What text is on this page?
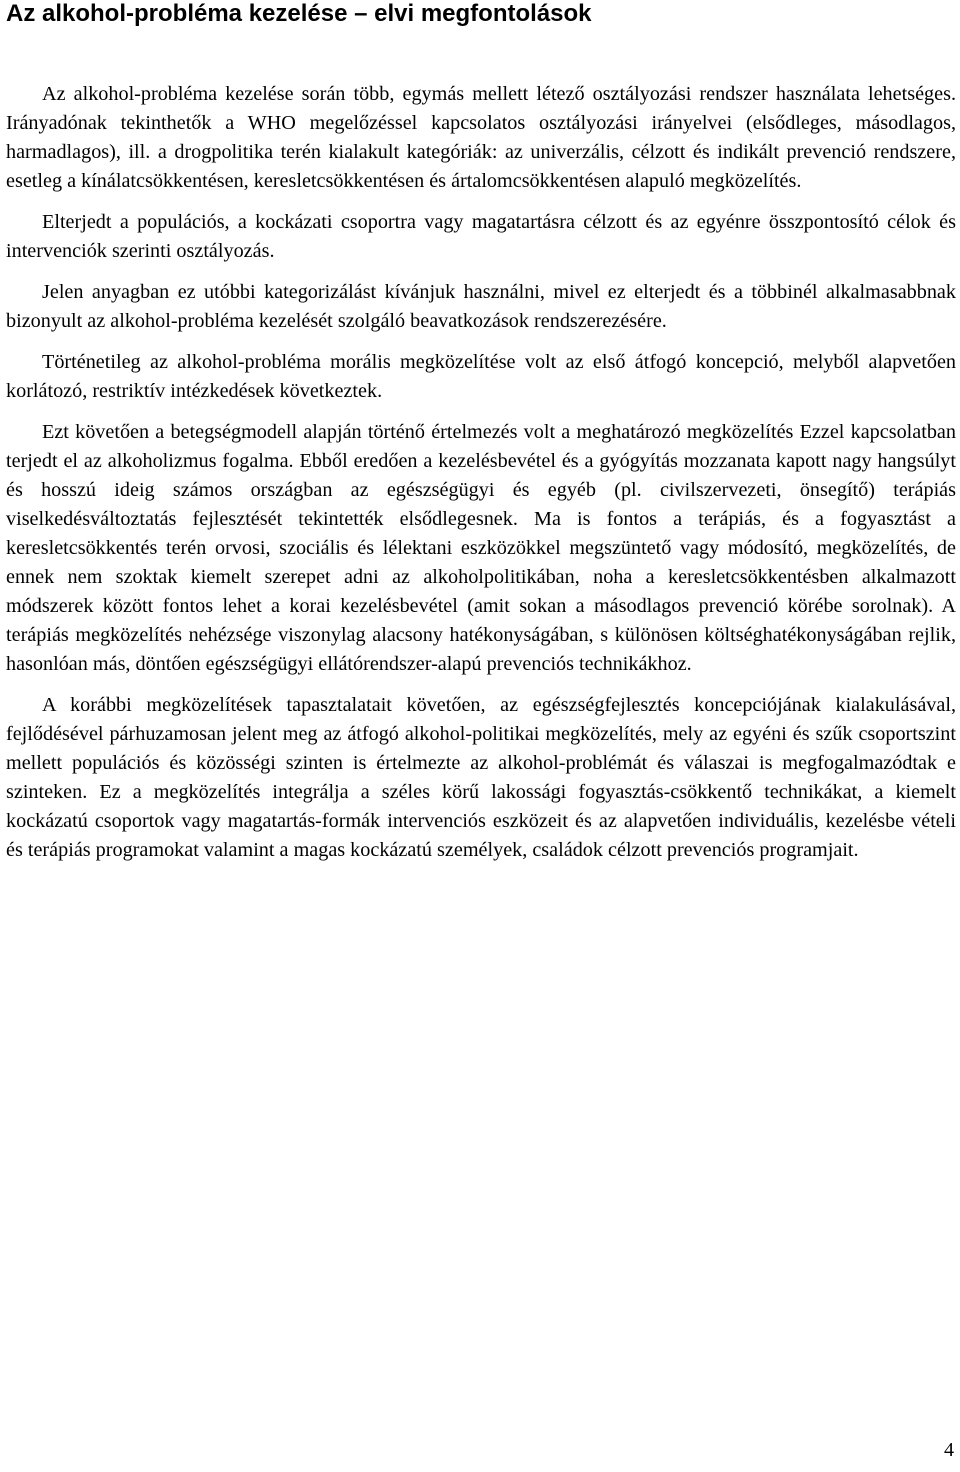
Az alkohol-probléma kezelése – elvi megfontolások

Az alkohol-probléma kezelése során több, egymás mellett létező osztályozási rendszer használata lehetséges. Irányadónak tekinthetők a WHO megelőzéssel kapcsolatos osztályozási irányelvei (elsődleges, másodlagos, harmadlagos), ill. a drogpolitika terén kialakult kategóriák: az univerzális, célzott és indikált prevenció rendszere, esetleg a kínálatcsökkentésen, keresletcsökkentésen és ártalomcsökkentésen alapuló megközelítés.

Elterjedt a populációs, a kockázati csoportra vagy magatartásra célzott és az egyénre összpontosító célok és intervenciók szerinti osztályozás.

Jelen anyagban ez utóbbi kategorizálást kívánjuk használni, mivel ez elterjedt és a többinél alkalmasabbnak bizonyult az alkohol-probléma kezelését szolgáló beavatkozások rendszerezésére.

Történetileg az alkohol-probléma morális megközelítése volt az első átfogó koncepció, melyből alapvetően korlátozó, restriktív intézkedések következtek.

Ezt követően a betegségmodell alapján történő értelmezés volt a meghatározó megközelítés Ezzel kapcsolatban terjedt el az alkoholizmus fogalma. Ebből eredően a kezelésbevétel és a gyógyítás mozzanata kapott nagy hangsúlyt és hosszú ideig számos országban az egészségügyi és egyéb (pl. civilszervezeti, önsegítő) terápiás viselkedésváltoztatás fejlesztését tekintették elsődlegesnek. Ma is fontos a terápiás, és a fogyasztást a keresletcsökkentés terén orvosi, szociális és lélektani eszközökkel megszüntető vagy módosító, megközelítés, de ennek nem szoktak kiemelt szerepet adni az alkoholpolitikában, noha a keresletcsökkentésben alkalmazott módszerek között fontos lehet a korai kezelésbevétel (amit sokan a másodlagos prevenció körébe sorolnak). A terápiás megközelítés nehézsége viszonylag alacsony hatékonyságában, s különösen költséghatékonyságában rejlik, hasonlóan más, döntően egészségügyi ellátórendszer-alapú prevenciós technikákhoz.

A korábbi megközelítések tapasztalatait követően, az egészségfejlesztés koncepciójának kialakulásával, fejlődésével párhuzamosan jelent meg az átfogó alkohol-politikai megközelítés, mely az egyéni és szűk csoportszint mellett populációs és közösségi szinten is értelmezte az alkohol-problémát és válaszai is megfogalmazódtak e szinteken. Ez a megközelítés integrálja a széles körű lakossági fogyasztás-csökkentő technikákat, a kiemelt kockázatú csoportok vagy magatartás-formák intervenciós eszközeit és az alapvetően individuális, kezelésbe vételi és terápiás programokat valamint a magas kockázatú személyek, családok célzott prevenciós programjait.

4
